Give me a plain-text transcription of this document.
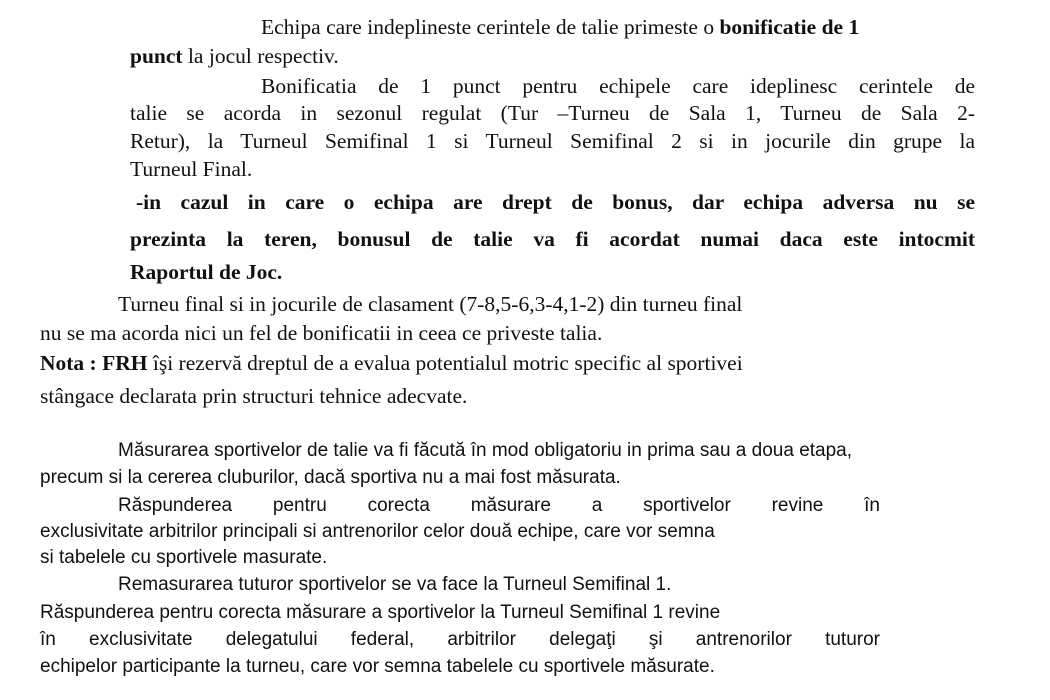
Echipa care indeplineste cerintele de talie primeste o bonificatie de 1
punct la jocul respectiv.
Bonificatia de 1 punct pentru echipele care ideplinesc cerintele de
talie se acorda in sezonul regulat (Tur –Turneu de Sala 1, Turneu de Sala 2-
Retur), la Turneul Semifinal 1 si Turneul Semifinal 2 si in jocurile din grupe la
Turneul Final.
-in cazul in care o echipa are drept de bonus, dar echipa adversa nu se
prezinta la teren, bonusul de talie va fi acordat numai daca este intocmit
Raportul de Joc.
Turneu final si in jocurile de clasament (7-8,5-6,3-4,1-2) din turneu final
nu se ma acorda nici un fel de bonificatii in ceea ce priveste talia.
Nota : FRH îşi rezervă dreptul de a evalua potentialul motric specific al sportivei
stângace declarata prin structuri tehnice adecvate.
Măsurarea sportivelor de talie va fi făcută în mod obligatoriu in prima sau a doua etapa,
precum si la cererea cluburilor, dacă sportiva nu a mai fost măsurata.
Răspunderea pentru corecta măsurare a sportivelor revine în
exclusivitate arbitrilor principali si antrenorilor celor două echipe, care vor semna
si tabelele cu sportivele masurate.
Remasurarea tuturor sportivelor se va face la Turneul Semifinal 1.
Răspunderea pentru corecta măsurare a sportivelor la Turneul Semifinal 1 revine
în exclusivitate delegatului federal, arbitrilor delegaţi şi antrenorilor tuturor
echipelor participante la turneu, care vor semna tabelele cu sportivele măsurate.
